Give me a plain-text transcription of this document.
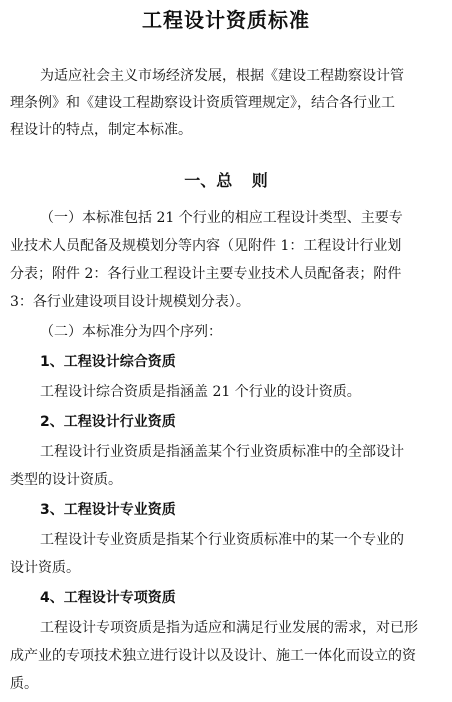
工程设计资质标准
为适应社会主义市场经济发展，根据《建设工程勘察设计管
理条例》和《建设工程勘察设计资质管理规定》，结合各行业工
程设计的特点，制定本标准。
一、总 则
（一）本标准包括 21 个行业的相应工程设计类型、主要专
业技术人员配备及规模划分等内容（见附件 1：工程设计行业划
分表；附件 2：各行业工程设计主要专业技术人员配备表；附件
3：各行业建设项目设计规模划分表）。
（二）本标准分为四个序列：
1、工程设计综合资质
工程设计综合资质是指涵盖 21 个行业的设计资质。
2、工程设计行业资质
工程设计行业资质是指涵盖某个行业资质标准中的全部设计
类型的设计资质。
3、工程设计专业资质
工程设计专业资质是指某个行业资质标准中的某一个专业的
设计资质。
4、工程设计专项资质
工程设计专项资质是指为适应和满足行业发展的需求，对已形
成产业的专项技术独立进行设计以及设计、施工一体化而设立的资
质。
